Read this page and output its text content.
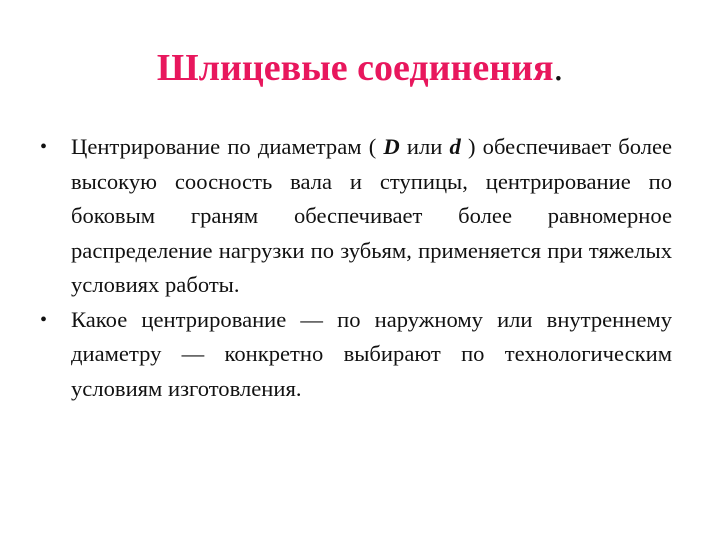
Шлицевые соединения.
•	Центрирование по диаметрам ( D или d ) обеспечивает более высокую соосность вала и ступицы, центрирование по боковым граням обеспечивает более равномерное распределение нагрузки по зубьям, применяется при тяжелых условиях работы.
•	Какое центрирование — по наружному или внутреннему диаметру — конкретно выбирают по технологическим условиям изготовления.
